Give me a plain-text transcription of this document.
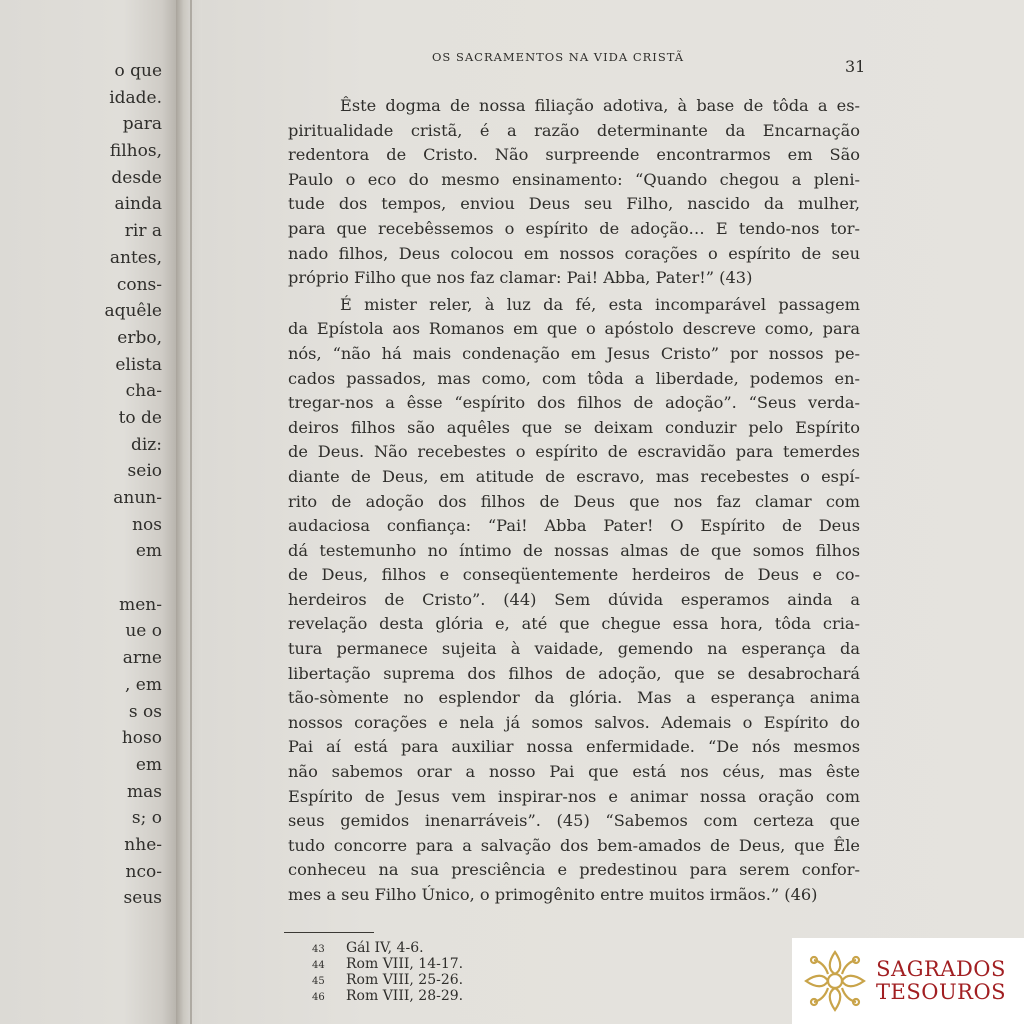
o que
idade.
para
filhos,
desde
ainda
rir a
antes,
cons-
aquêle
erbo,
elista
cha-
to de
diz:
seio
anun-
nos
em
men-
ue o
arne
, em
s os
hoso
em
mas
s; o
nhe-
nco-
seus
OS SACRAMENTOS NA VIDA CRISTÃ	31
Êste dogma de nossa filiação adotiva, à base de tôda a es-
piritualidade cristã, é a razão determinante da Encarnação
redentora de Cristo. Não surpreende encontrarmos em São
Paulo o eco do mesmo ensinamento: “Quando chegou a pleni-
tude dos tempos, enviou Deus seu Filho, nascido da mulher,
para que recebêssemos o espírito de adoção… E tendo-nos tor-
nado filhos, Deus colocou em nossos corações o espírito de seu
próprio Filho que nos faz clamar: Pai! Abba, Pater!” (43)
É mister reler, à luz da fé, esta incomparável passagem
da Epístola aos Romanos em que o apóstolo descreve como, para
nós, “não há mais condenação em Jesus Cristo” por nossos pe-
cados passados, mas como, com tôda a liberdade, podemos en-
tregar-nos a êsse “espírito dos filhos de adoção”. “Seus verda-
deiros filhos são aquêles que se deixam conduzir pelo Espírito
de Deus. Não recebestes o espírito de escravidão para temerdes
diante de Deus, em atitude de escravo, mas recebestes o espí-
rito de adoção dos filhos de Deus que nos faz clamar com
audaciosa confiança: “Pai! Abba Pater! O Espírito de Deus
dá testemunho no íntimo de nossas almas de que somos filhos
de Deus, filhos e conseqüentemente herdeiros de Deus e co-
herdeiros de Cristo”. (44) Sem dúvida esperamos ainda a
revelação desta glória e, até que chegue essa hora, tôda cria-
tura permanece sujeita à vaidade, gemendo na esperança da
libertação suprema dos filhos de adoção, que se desabrochará
tão-sòmente no esplendor da glória. Mas a esperança anima
nossos corações e nela já somos salvos. Ademais o Espírito do
Pai aí está para auxiliar nossa enfermidade. “De nós mesmos
não sabemos orar a nosso Pai que está nos céus, mas êste
Espírito de Jesus vem inspirar-nos e animar nossa oração com
seus gemidos inenarráveis”. (45) “Sabemos com certeza que
tudo concorre para a salvação dos bem-amados de Deus, que Êle
conheceu na sua presciência e predestinou para serem confor-
mes a seu Filho Único, o primogênito entre muitos irmãos.” (46)
43	Gál IV, 4-6.
44	Rom VIII, 14-17.
45	Rom VIII, 25-26.
46	Rom VIII, 28-29.
SAGRADOS
TESOUROS
